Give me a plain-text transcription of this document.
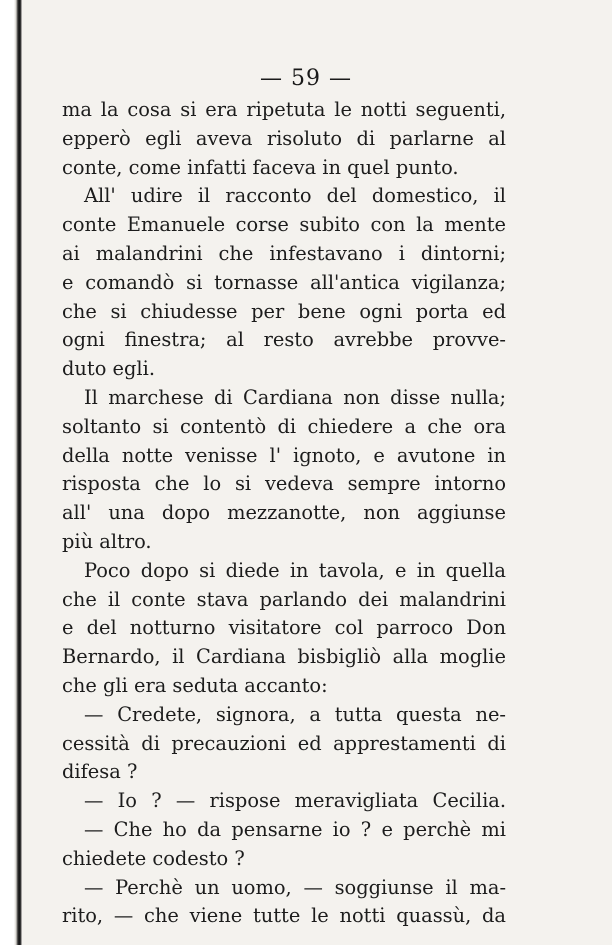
— 59 —
ma la cosa si era ripetuta le notti seguenti,
epperò egli aveva risoluto di parlarne al
conte, come infatti faceva in quel punto.
All' udire il racconto del domestico, il
conte Emanuele corse subito con la mente
ai malandrini che infestavano i dintorni;
e comandò si tornasse all'antica vigilanza;
che si chiudesse per bene ogni porta ed
ogni finestra; al resto avrebbe provve-
duto egli.
Il marchese di Cardiana non disse nulla;
soltanto si contentò di chiedere a che ora
della notte venisse l' ignoto, e avutone in
risposta che lo si vedeva sempre intorno
all' una dopo mezzanotte, non aggiunse
più altro.
Poco dopo si diede in tavola, e in quella
che il conte stava parlando dei malandrini
e del notturno visitatore col parroco Don
Bernardo, il Cardiana bisbigliò alla moglie
che gli era seduta accanto:
— Credete, signora, a tutta questa ne-
cessità di precauzioni ed apprestamenti di
difesa ?
— Io ? — rispose meravigliata Cecilia.
— Che ho da pensarne io ? e perchè mi
chiedete codesto ?
— Perchè un uomo, — soggiunse il ma-
rito, — che viene tutte le notti quassù, da
